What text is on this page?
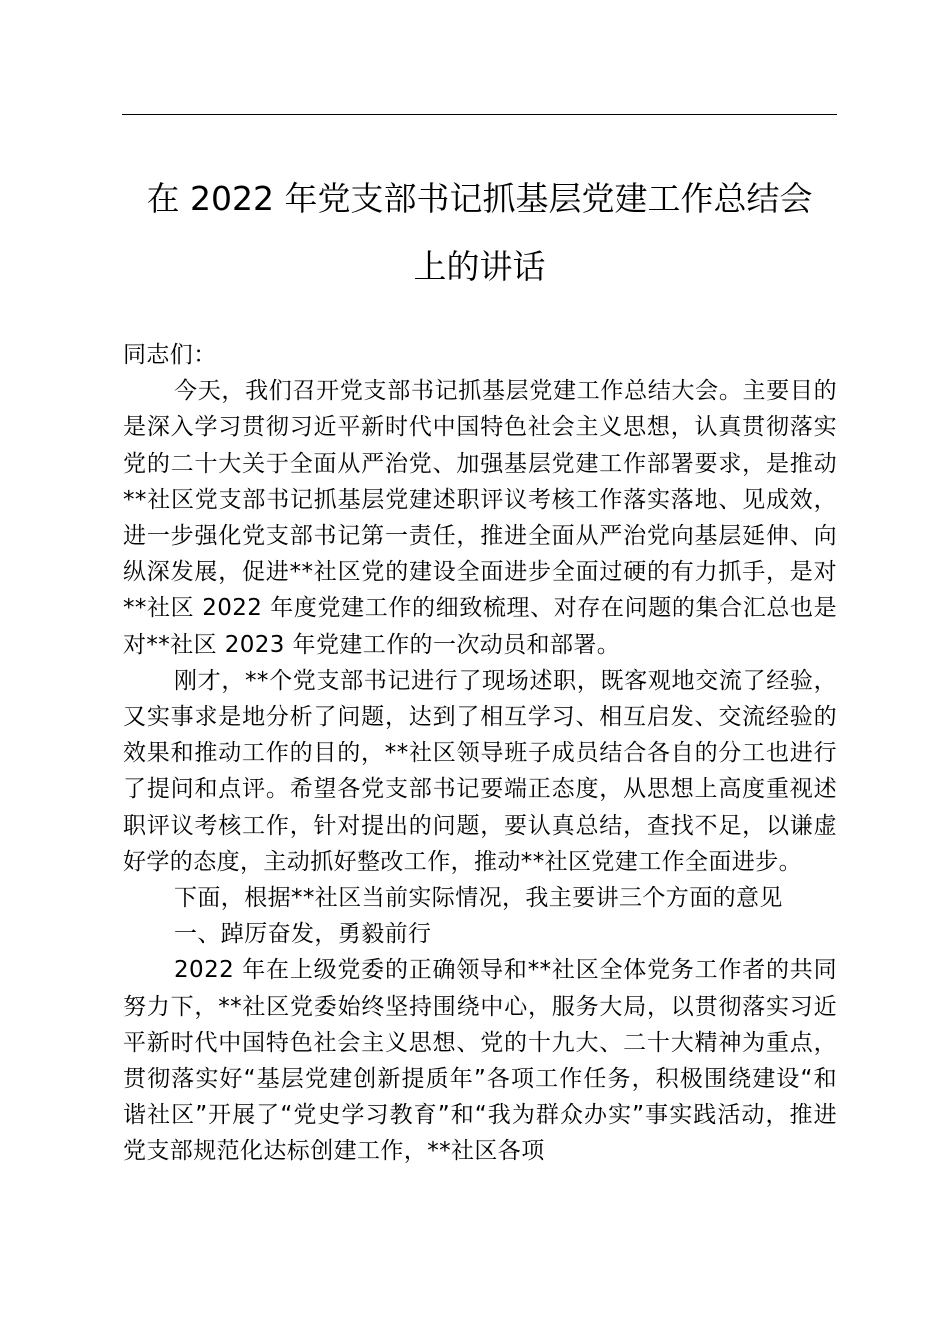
在 2022 年党支部书记抓基层党建工作总结会
上的讲话

同志们：

今天，我们召开党支部书记抓基层党建工作总结大会。主要目的是深入学习贯彻习近平新时代中国特色社会主义思想，认真贯彻落实党的二十大关于全面从严治党、加强基层党建工作部署要求，是推动**社区党支部书记抓基层党建述职评议考核工作落实落地、见成效，进一步强化党支部书记第一责任，推进全面从严治党向基层延伸、向纵深发展，促进**社区党的建设全面进步全面过硬的有力抓手，是对**社区 2022 年度党建工作的细致梳理、对存在问题的集合汇总也是对**社区 2023 年党建工作的一次动员和部署。

刚才，**个党支部书记进行了现场述职，既客观地交流了经验，又实事求是地分析了问题，达到了相互学习、相互启发、交流经验的效果和推动工作的目的，**社区领导班子成员结合各自的分工也进行了提问和点评。希望各党支部书记要端正态度，从思想上高度重视述职评议考核工作，针对提出的问题，要认真总结，查找不足，以谦虚好学的态度，主动抓好整改工作，推动**社区党建工作全面进步。

下面，根据**社区当前实际情况，我主要讲三个方面的意见

一、踔厉奋发，勇毅前行

2022 年在上级党委的正确领导和**社区全体党务工作者的共同努力下，**社区党委始终坚持围绕中心，服务大局，以贯彻落实习近平新时代中国特色社会主义思想、党的十九大、二十大精神为重点，贯彻落实好“基层党建创新提质年”各项工作任务，积极围绕建设“和谐社区”开展了“党史学习教育”和“我为群众办实”事实践活动，推进党支部规范化达标创建工作，**社区各项
